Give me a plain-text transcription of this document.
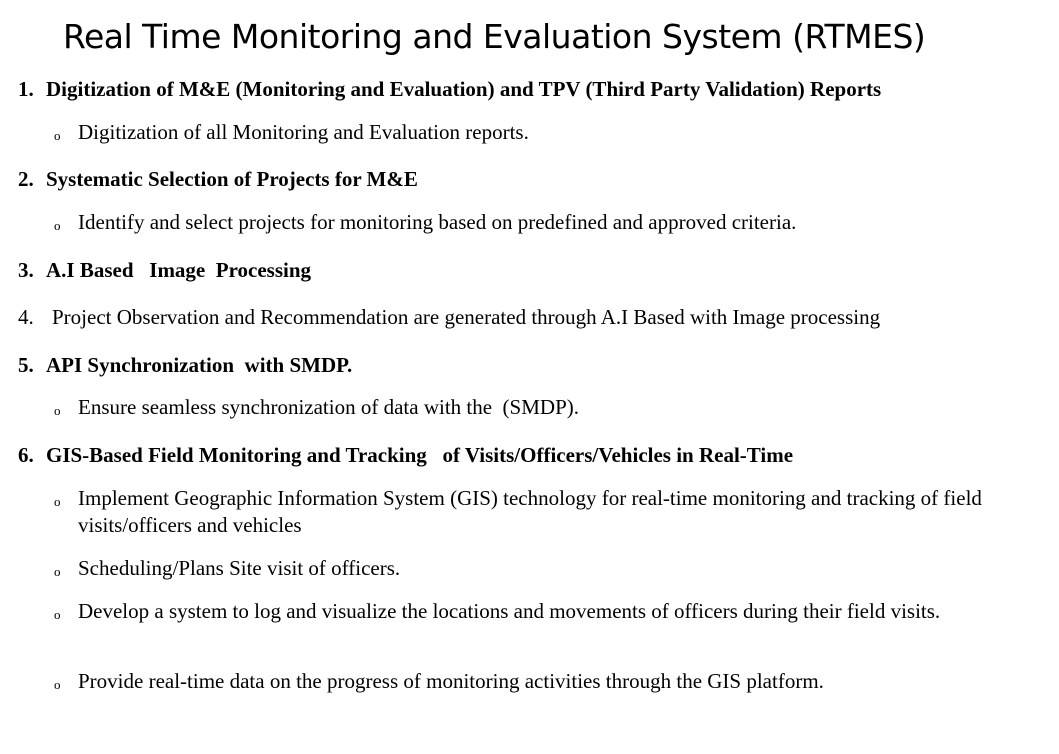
Real Time Monitoring and Evaluation System (RTMES)
1. Digitization of M&E (Monitoring and Evaluation) and TPV (Third Party Validation) Reports
o Digitization of all Monitoring and Evaluation reports.
2. Systematic Selection of Projects for M&E
o Identify and select projects for monitoring based on predefined and approved criteria.
3. A.I Based   Image  Processing
4. Project Observation and Recommendation are generated through A.I Based with Image processing
5. API Synchronization  with SMDP.
o Ensure seamless synchronization of data with the  (SMDP).
6. GIS-Based Field Monitoring and Tracking   of Visits/Officers/Vehicles in Real-Time
o Implement Geographic Information System (GIS) technology for real-time monitoring and tracking of field visits/officers and vehicles
o Scheduling/Plans Site visit of officers.
o Develop a system to log and visualize the locations and movements of officers during their field visits.
o Provide real-time data on the progress of monitoring activities through the GIS platform.
